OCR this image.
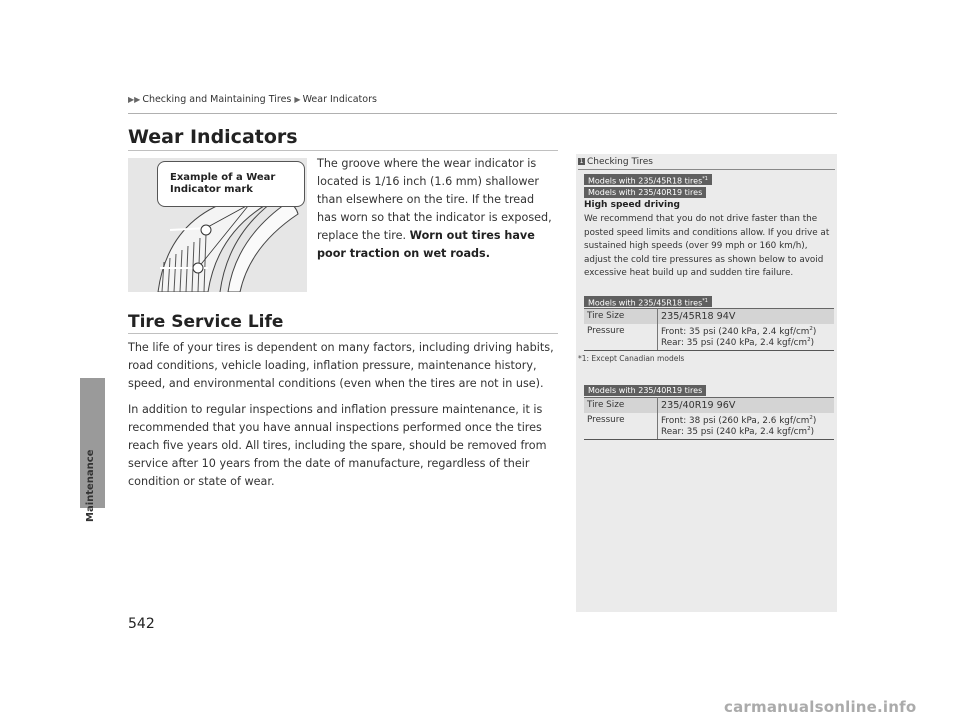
Maintenance
▶▶ Checking and Maintaining Tires ▶ Wear Indicators
Wear Indicators
Example of a Wear Indicator mark

The groove where the wear indicator is located is 1/16 inch (1.6 mm) shallower than elsewhere on the tire. If the tread has worn so that the indicator is exposed, replace the tire. Worn out tires have poor traction on wet roads.

Tire Service Life

The life of your tires is dependent on many factors, including driving habits, road conditions, vehicle loading, inflation pressure, maintenance history, speed, and environmental conditions (even when the tires are not in use).

In addition to regular inspections and inflation pressure maintenance, it is recommended that you have annual inspections performed once the tires reach five years old. All tires, including the spare, should be removed from service after 10 years from the date of manufacture, regardless of their condition or state of wear.

1 Checking Tires
Models with 235/45R18 tires$^{*1}$
Models with 235/40R19 tires
High speed driving

We recommend that you do not drive faster than the posted speed limits and conditions allow. If you drive at sustained high speeds (over 99 mph or 160 km/h), adjust the cold tire pressures as shown below to avoid excessive heat build up and sudden tire failure.

Models with 235/45R18 tires$^{*1}$
Tire Size	235/45R18 94V
Pressure	Front: 35 psi (240 kPa, 2.4 kgf/$cm^2$)
Rear: 35 psi (240 kPa, 2.4 kgf/$cm^2$)
*1: Except Canadian models
Models with 235/40R19 tires
Tire Size	235/40R19 96V
Pressure	Front: 38 psi (260 kPa, 2.6 kgf/$cm^2$)
Rear: 35 psi (240 kPa, 2.4 kgf/$cm^2$)
542
carmanualsonline.info
